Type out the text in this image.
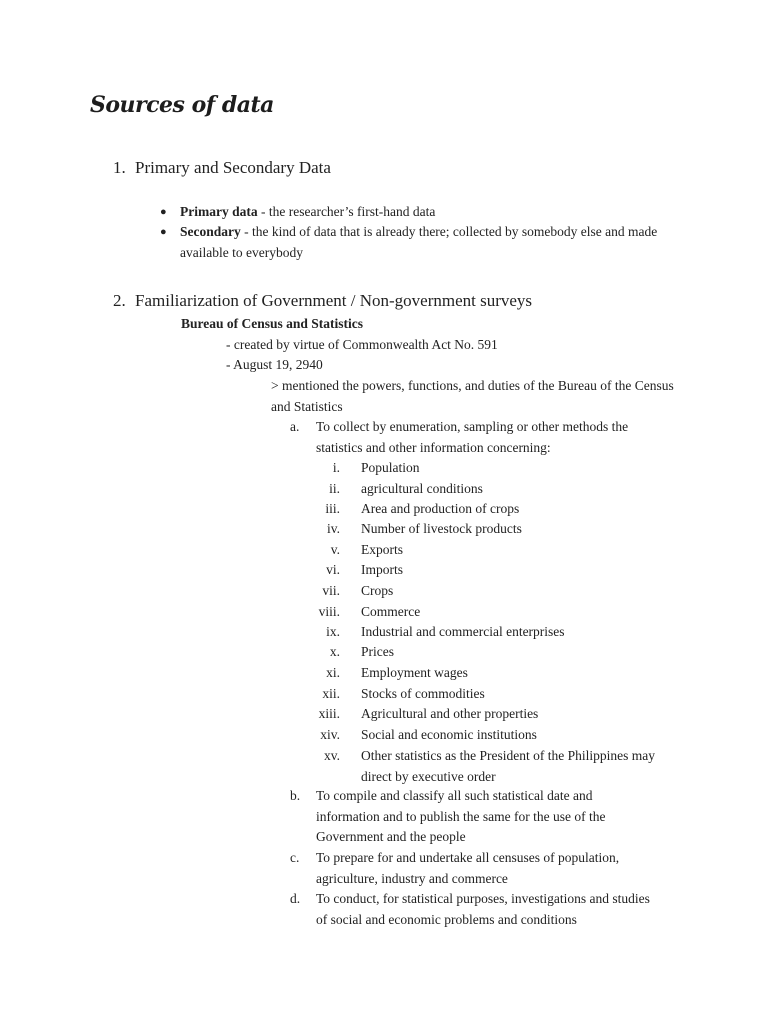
Sources of data
1. Primary and Secondary Data
● Primary data - the researcher’s first-hand data
● Secondary - the kind of data that is already there; collected by somebody else and made available to everybody
2. Familiarization of Government / Non-government surveys
Bureau of Census and Statistics
- created by virtue of Commonwealth Act No. 591
- August 19, 2940
> mentioned the powers, functions, and duties of the Bureau of the Census and Statistics
a.	To collect by enumeration, sampling or other methods the statistics and other information concerning:
i. Population
ii. agricultural conditions
iii. Area and production of crops
iv. Number of livestock products
v. Exports
vi. Imports
vii. Crops
viii. Commerce
ix. Industrial and commercial enterprises
x. Prices
xi. Employment wages
xii. Stocks of commodities
xiii. Agricultural and other properties
xiv. Social and economic institutions
xv. Other statistics as the President of the Philippines may direct by executive order
b.	To compile and classify all such statistical date and information and to publish the same for the use of the Government and the people
c.	To prepare for and undertake all censuses of population, agriculture, industry and commerce
d.	To conduct, for statistical purposes, investigations and studies of social and economic problems and conditions
